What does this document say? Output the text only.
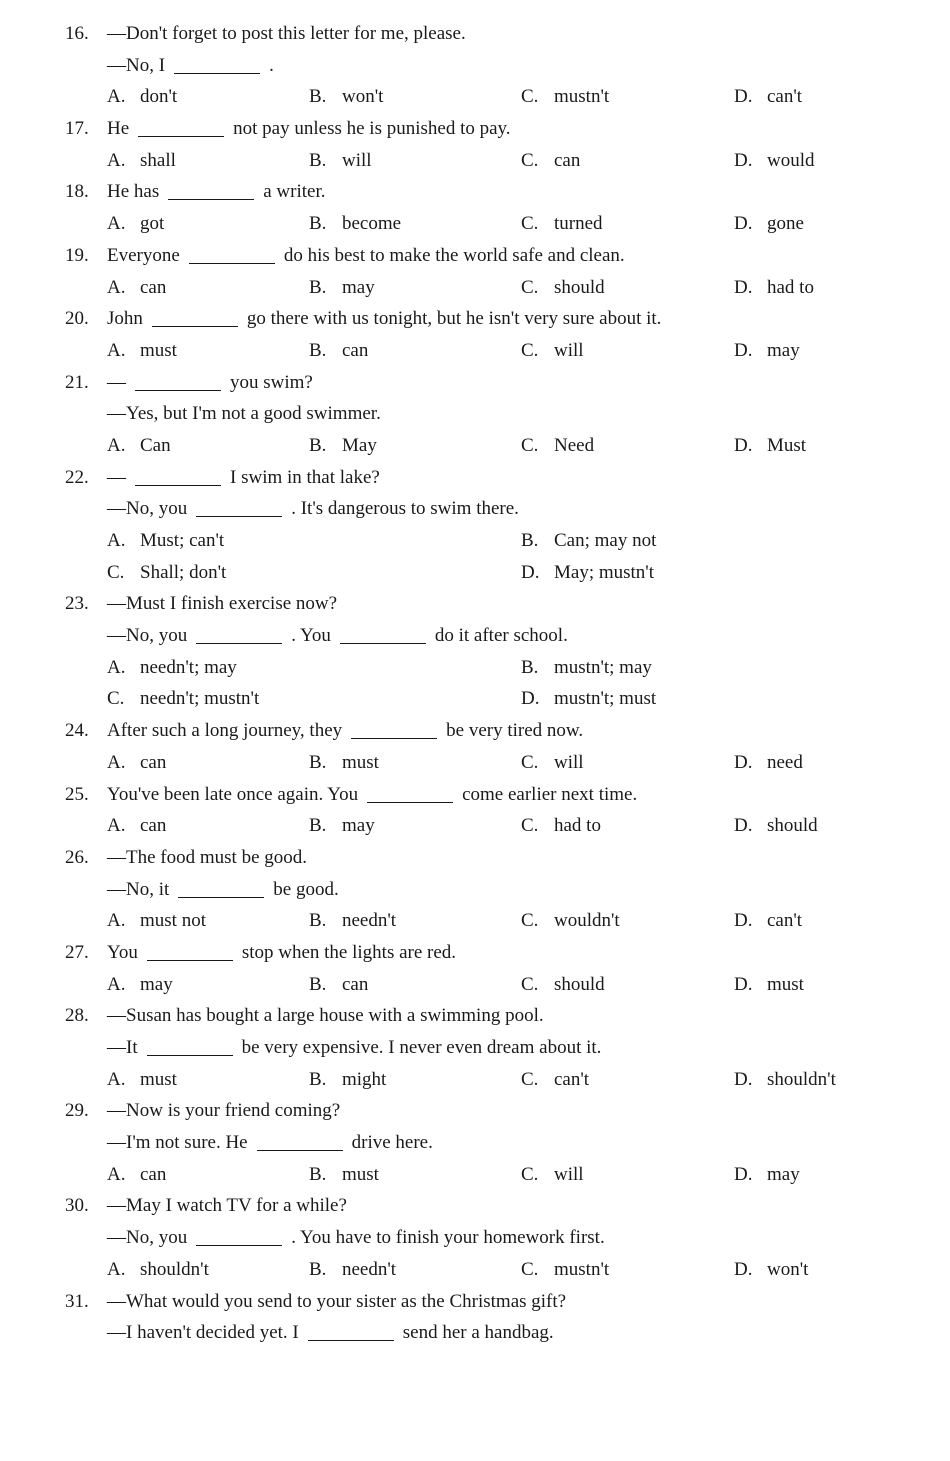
16. —Don't forget to post this letter for me, please.
—No, I	.
A. don't	B. won't	C. mustn't	D. can't
17. He	not pay unless he is punished to pay.
A. shall	B. will	C. can	D. would
18. He has	a writer.
A. got	B. become	C. turned	D. gone
19. Everyone	do his best to make the world safe and clean.
A. can	B. may	C. should	D. had to
20. John	go there with us tonight, but he isn't very sure about it.
A. must	B. can	C. will	D. may
21. —	you swim?
—Yes, but I'm not a good swimmer.
A. Can	B. May	C. Need	D. Must
22. —	I swim in that lake?
—No, you	. It's dangerous to swim there.
A. Must; can't	B. Can; may not
C. Shall; don't	D. May; mustn't
23. —Must I finish exercise now?
—No, you	. You	do it after school.
A. needn't; may	B. mustn't; may
C. needn't; mustn't	D. mustn't; must
24. After such a long journey, they	be very tired now.
A. can	B. must	C. will	D. need
25. You've been late once again. You	come earlier next time.
A. can	B. may	C. had to	D. should
26. —The food must be good.
—No, it	be good.
A. must not	B. needn't	C. wouldn't	D. can't
27. You	stop when the lights are red.
A. may	B. can	C. should	D. must
28. —Susan has bought a large house with a swimming pool.
—It	be very expensive. I never even dream about it.
A. must	B. might	C. can't	D. shouldn't
29. —Now is your friend coming?
—I'm not sure. He	drive here.
A. can	B. must	C. will	D. may
30. —May I watch TV for a while?
—No, you	. You have to finish your homework first.
A. shouldn't	B. needn't	C. mustn't	D. won't
31. —What would you send to your sister as the Christmas gift?
—I haven't decided yet. I	send her a handbag.
